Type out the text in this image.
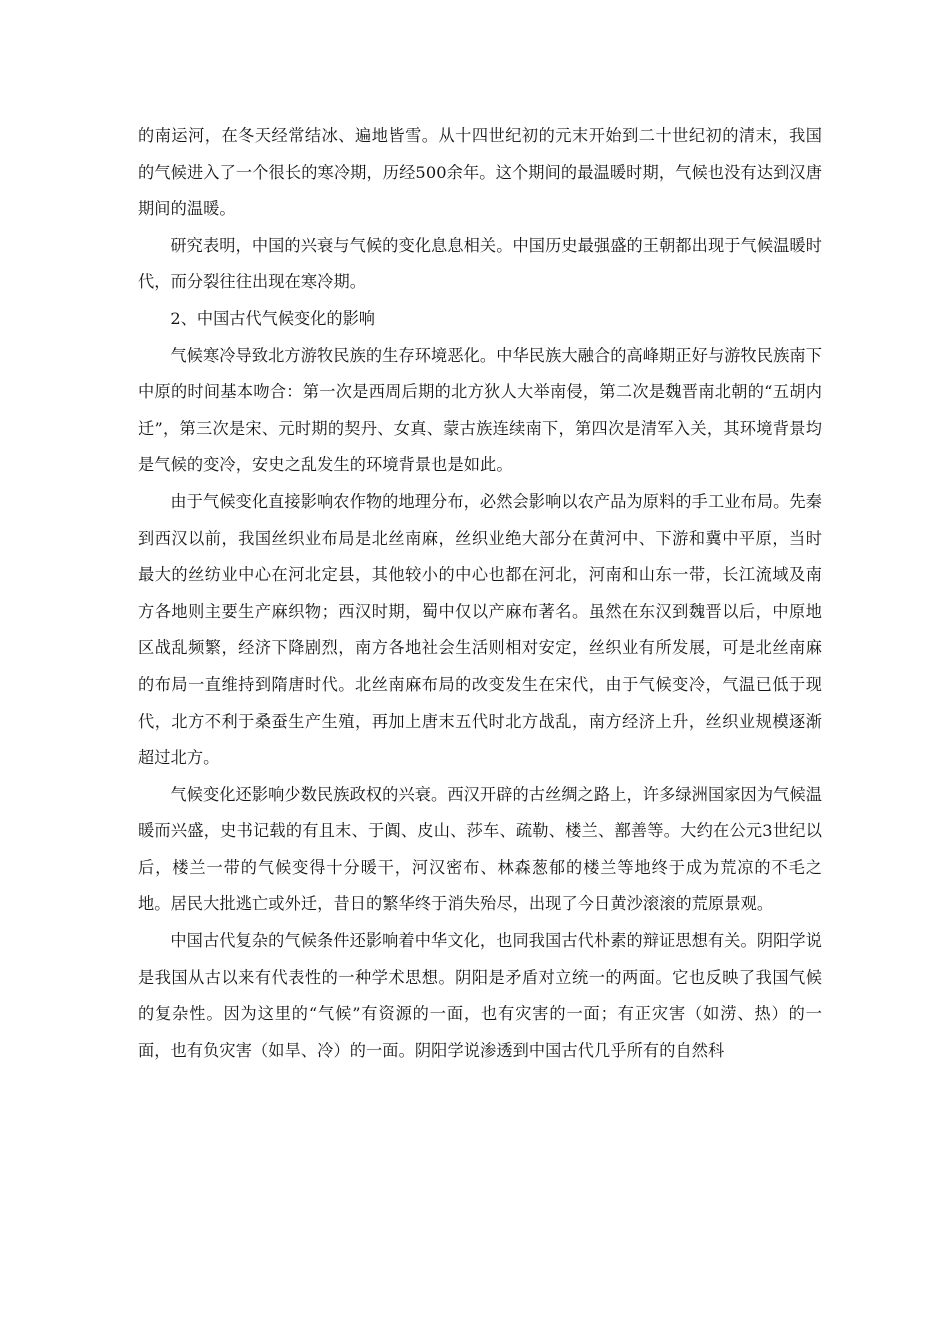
的南运河，在冬天经常结冰、遍地皆雪。从十四世纪初的元末开始到二十世纪初的清末，我国的气候进入了一个很长的寒冷期，历经500余年。这个期间的最温暖时期，气候也没有达到汉唐期间的温暖。

研究表明，中国的兴衰与气候的变化息息相关。中国历史最强盛的王朝都出现于气候温暖时代，而分裂往往出现在寒冷期。

2、中国古代气候变化的影响

气候寒冷导致北方游牧民族的生存环境恶化。中华民族大融合的高峰期正好与游牧民族南下中原的时间基本吻合：第一次是西周后期的北方狄人大举南侵，第二次是魏晋南北朝的“五胡内迁”，第三次是宋、元时期的契丹、女真、蒙古族连续南下，第四次是清军入关，其环境背景均是气候的变冷，安史之乱发生的环境背景也是如此。

由于气候变化直接影响农作物的地理分布，必然会影响以农产品为原料的手工业布局。先秦到西汉以前，我国丝织业布局是北丝南麻，丝织业绝大部分在黄河中、下游和冀中平原，当时最大的丝纺业中心在河北定县，其他较小的中心也都在河北，河南和山东一带，长江流域及南方各地则主要生产麻织物；西汉时期，蜀中仅以产麻布著名。虽然在东汉到魏晋以后，中原地区战乱频繁，经济下降剧烈，南方各地社会生活则相对安定，丝织业有所发展，可是北丝南麻的布局一直维持到隋唐时代。北丝南麻布局的改变发生在宋代，由于气候变冷，气温已低于现代，北方不利于桑蚕生产生殖，再加上唐末五代时北方战乱，南方经济上升，丝织业规模逐渐超过北方。

气候变化还影响少数民族政权的兴衰。西汉开辟的古丝绸之路上，许多绿洲国家因为气候温暖而兴盛，史书记载的有且末、于阗、皮山、莎车、疏勒、楼兰、鄯善等。大约在公元3世纪以后，楼兰一带的气候变得十分暖干，河汉密布、林森葱郁的楼兰等地终于成为荒凉的不毛之地。居民大批逃亡或外迁，昔日的繁华终于消失殆尽，出现了今日黄沙滚滚的荒原景观。

中国古代复杂的气候条件还影响着中华文化，也同我国古代朴素的辩证思想有关。阴阳学说是我国从古以来有代表性的一种学术思想。阴阳是矛盾对立统一的两面。它也反映了我国气候的复杂性。因为这里的“气候”有资源的一面，也有灾害的一面；有正灾害（如涝、热）的一面，也有负灾害（如旱、冷）的一面。阴阳学说渗透到中国古代几乎所有的自然科
